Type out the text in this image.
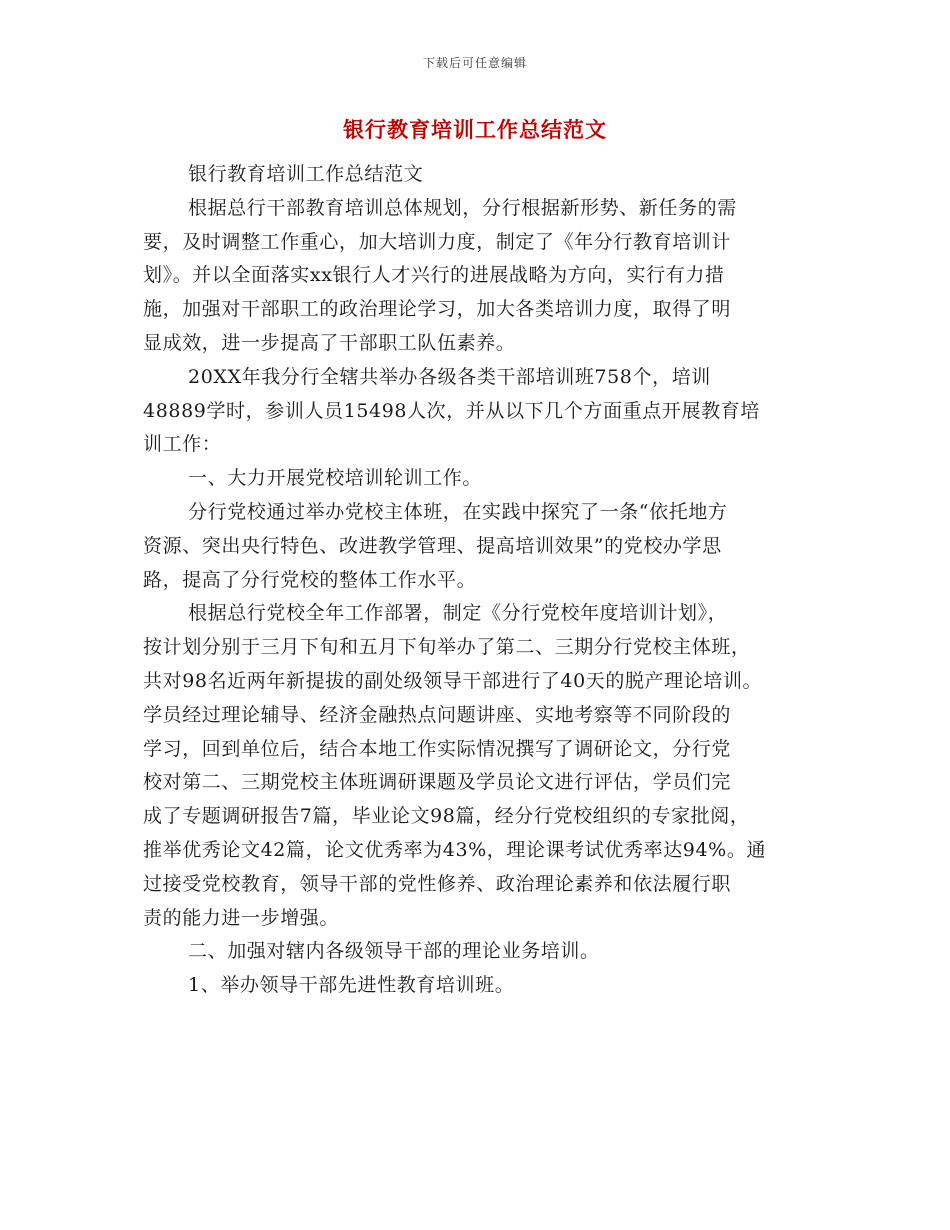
下载后可任意编辑
银行教育培训工作总结范文
银行教育培训工作总结范文
根据总行干部教育培训总体规划，分行根据新形势、新任务的需
要，及时调整工作重心，加大培训力度，制定了《年分行教育培训计
划》。并以全面落实xx银行人才兴行的进展战略为方向，实行有力措
施，加强对干部职工的政治理论学习，加大各类培训力度，取得了明
显成效，进一步提高了干部职工队伍素养。
20XX年我分行全辖共举办各级各类干部培训班758个，培训
48889学时，参训人员15498人次，并从以下几个方面重点开展教育培
训工作：
一、大力开展党校培训轮训工作。
分行党校通过举办党校主体班，在实践中探究了一条“依托地方
资源、突出央行特色、改进教学管理、提高培训效果”的党校办学思
路，提高了分行党校的整体工作水平。
根据总行党校全年工作部署，制定《分行党校年度培训计划》，
按计划分别于三月下旬和五月下旬举办了第二、三期分行党校主体班，
共对98名近两年新提拔的副处级领导干部进行了40天的脱产理论培训。
学员经过理论辅导、经济金融热点问题讲座、实地考察等不同阶段的
学习，回到单位后，结合本地工作实际情况撰写了调研论文，分行党
校对第二、三期党校主体班调研课题及学员论文进行评估，学员们完
成了专题调研报告7篇，毕业论文98篇，经分行党校组织的专家批阅，
推举优秀论文42篇，论文优秀率为43%，理论课考试优秀率达94%。通
过接受党校教育，领导干部的党性修养、政治理论素养和依法履行职
责的能力进一步增强。
二、加强对辖内各级领导干部的理论业务培训。
1、举办领导干部先进性教育培训班。
